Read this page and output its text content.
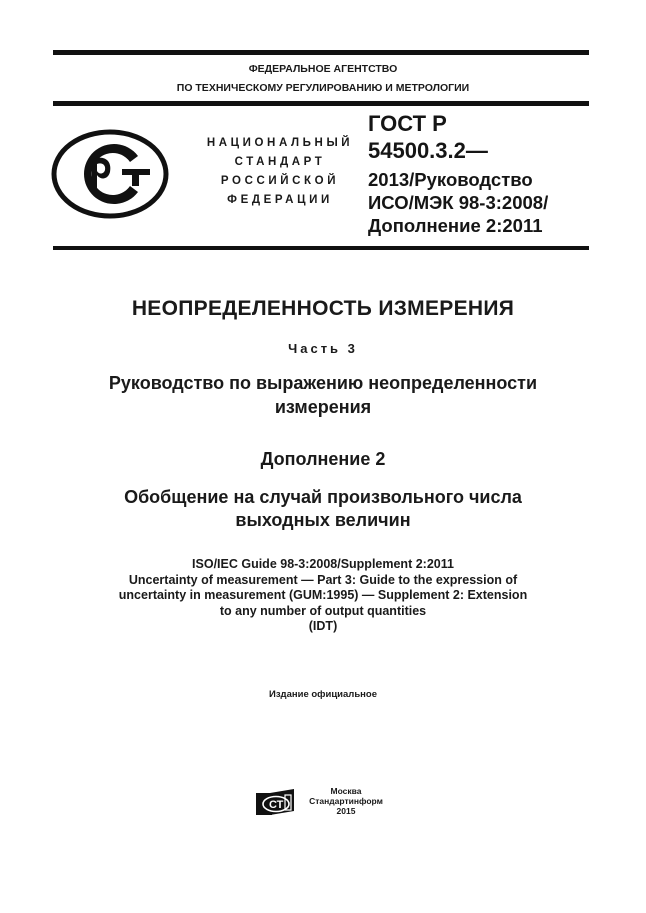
ФЕДЕРАЛЬНОЕ АГЕНТСТВО
ПО ТЕХНИЧЕСКОМУ РЕГУЛИРОВАНИЮ И МЕТРОЛОГИИ
НАЦИОНАЛЬНЫЙ
СТАНДАРТ
РОССИЙСКОЙ
ФЕДЕРАЦИИ
ГОСТ Р
54500.3.2—
2013/Руководство
ИСО/МЭК 98-3:2008/
Дополнение 2:2011
НЕОПРЕДЕЛЕННОСТЬ ИЗМЕРЕНИЯ
Часть 3
Руководство по выражению неопределенности
измерения
Дополнение 2
Обобщение на случай произвольного числа
выходных величин
ISO/IEC Guide 98-3:2008/Supplement 2:2011
Uncertainty of measurement — Part 3: Guide to the expression of
uncertainty in measurement (GUM:1995) — Supplement 2: Extension
to any number of output quantities
(IDT)
Издание официальное
СТ
Москва
Стандартинформ
2015
